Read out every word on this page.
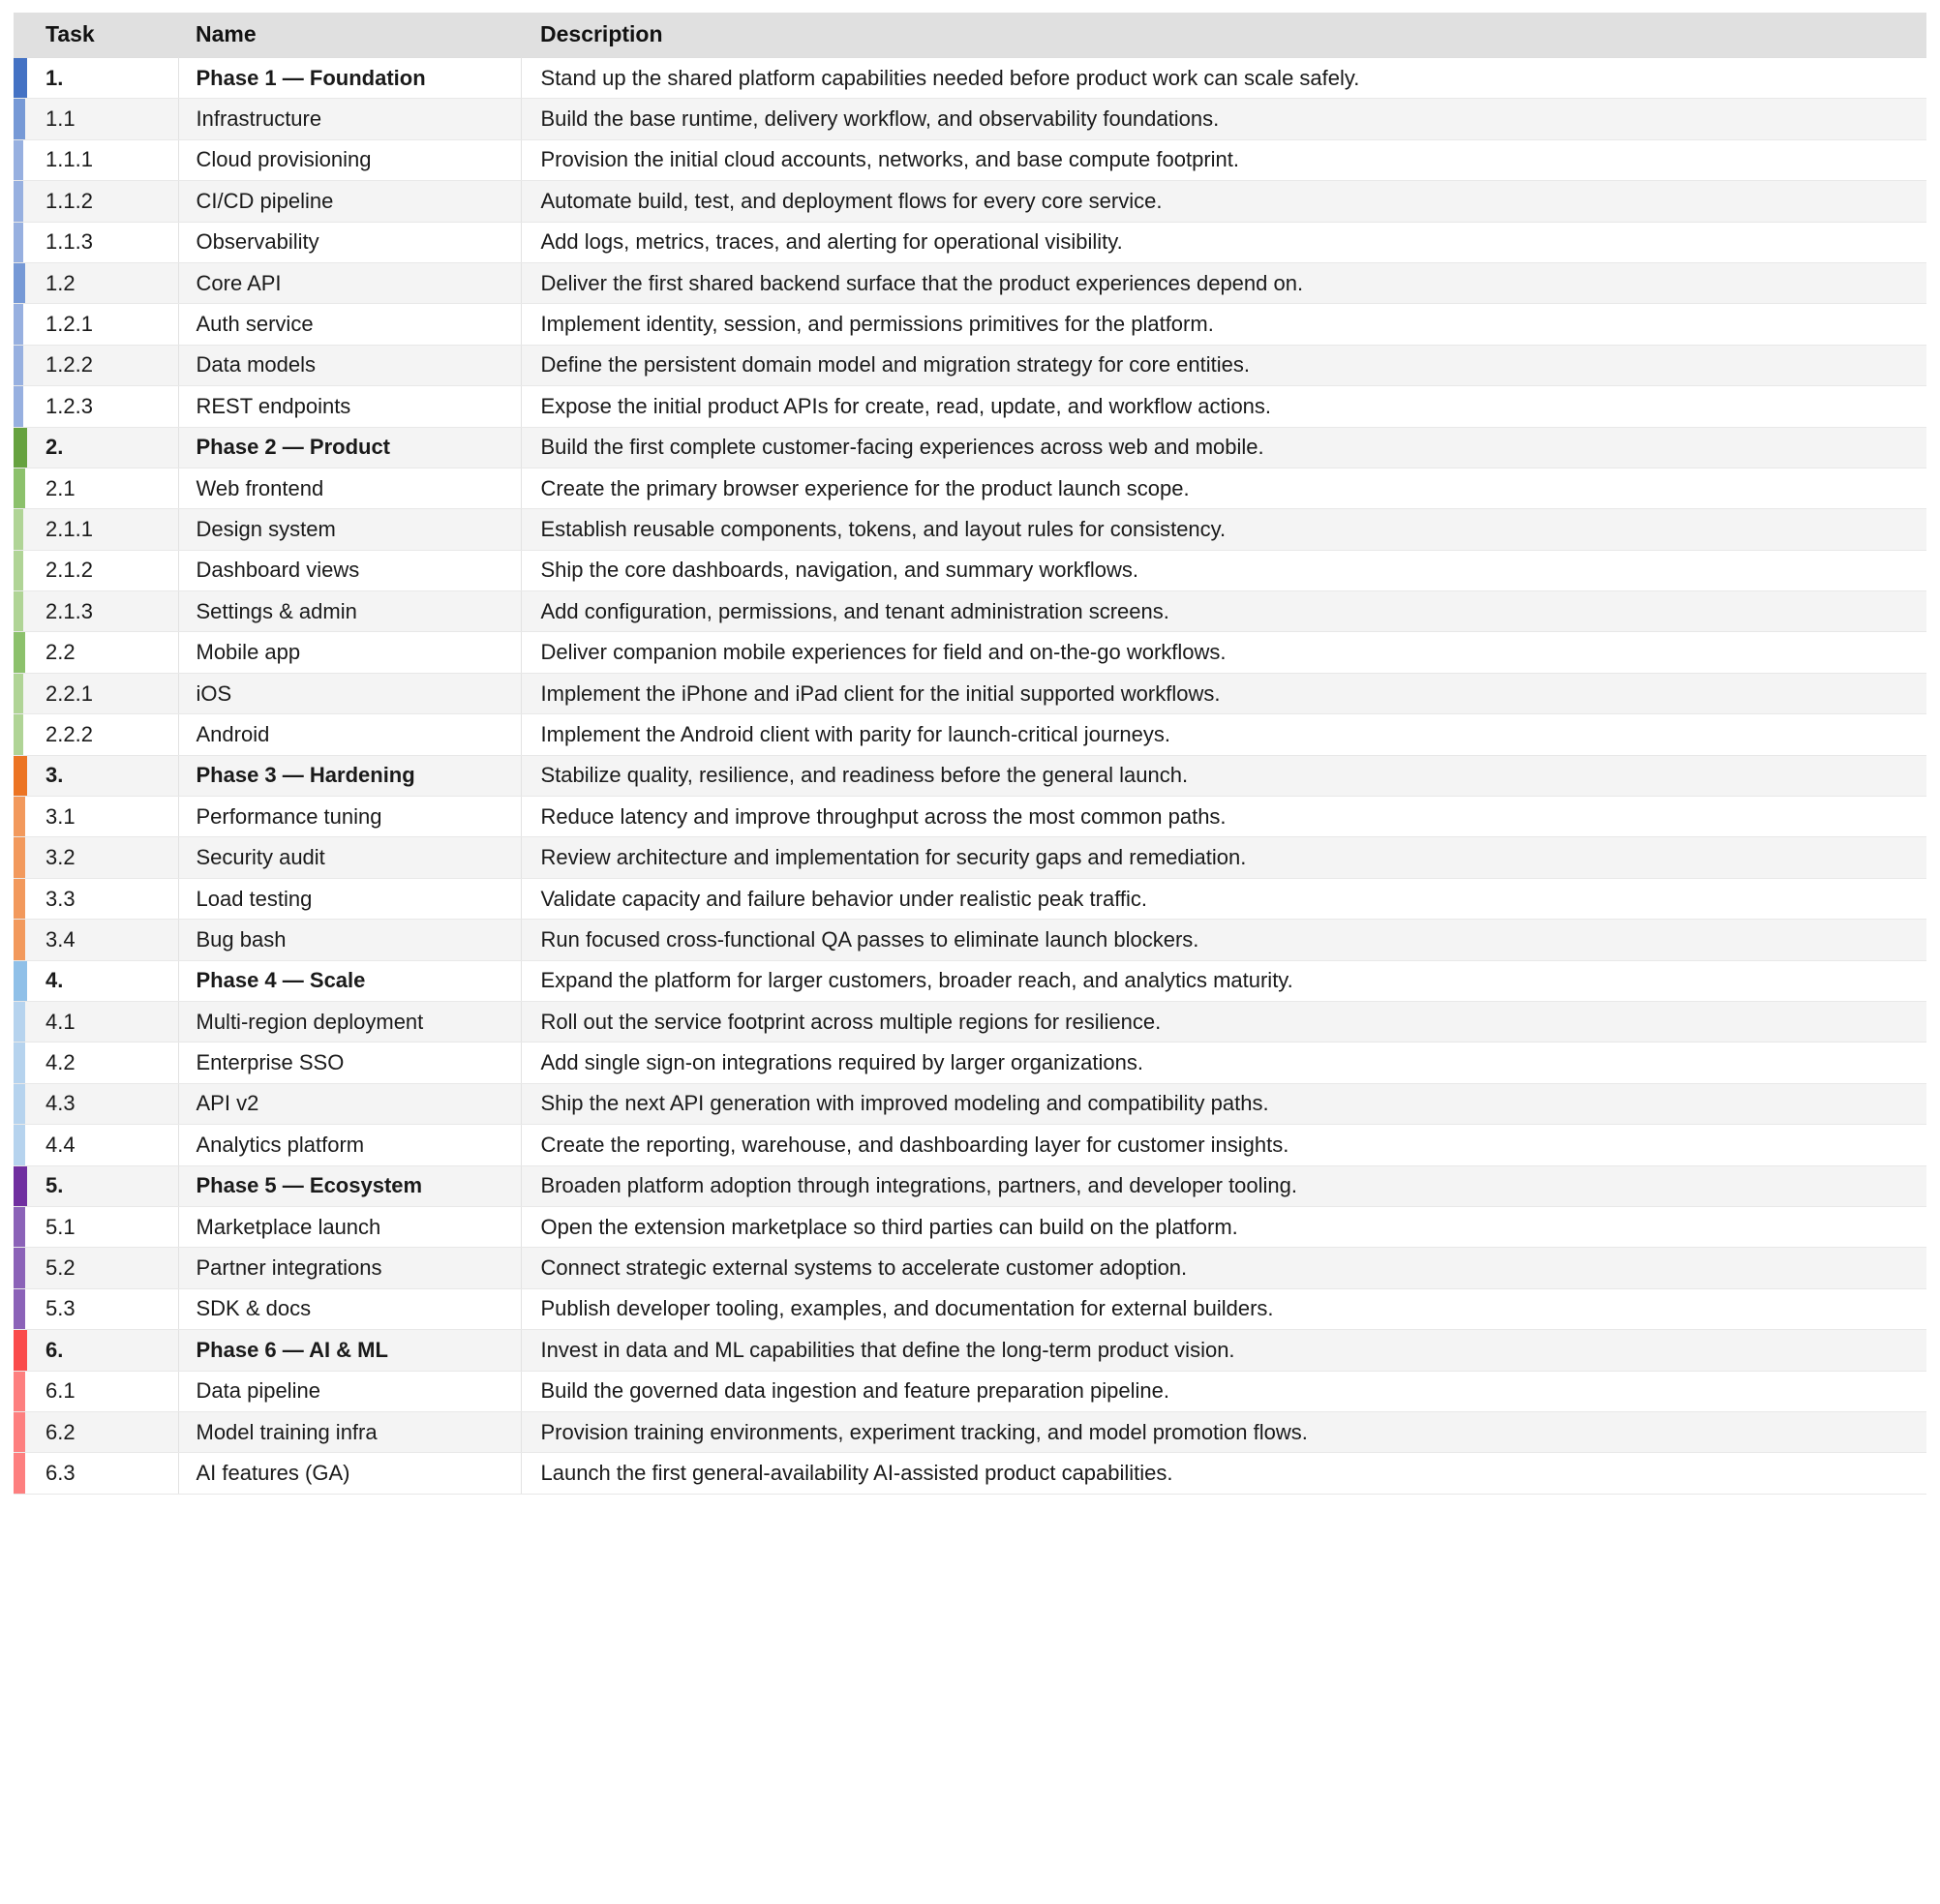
Task	Name	Description

1.	Phase 1 — Foundation	Stand up the shared platform capabilities needed before product work can scale safely.

1.1	Infrastructure	Build the base runtime, delivery workflow, and observability foundations.

1.1.1	Cloud provisioning	Provision the initial cloud accounts, networks, and base compute footprint.

1.1.2	CI/CD pipeline	Automate build, test, and deployment flows for every core service.

1.1.3	Observability	Add logs, metrics, traces, and alerting for operational visibility.

1.2	Core API	Deliver the first shared backend surface that the product experiences depend on.

1.2.1	Auth service	Implement identity, session, and permissions primitives for the platform.

1.2.2	Data models	Define the persistent domain model and migration strategy for core entities.

1.2.3	REST endpoints	Expose the initial product APIs for create, read, update, and workflow actions.

2.	Phase 2 — Product	Build the first complete customer-facing experiences across web and mobile.

2.1	Web frontend	Create the primary browser experience for the product launch scope.

2.1.1	Design system	Establish reusable components, tokens, and layout rules for consistency.

2.1.2	Dashboard views	Ship the core dashboards, navigation, and summary workflows.

2.1.3	Settings & admin	Add configuration, permissions, and tenant administration screens.

2.2	Mobile app	Deliver companion mobile experiences for field and on-the-go workflows.

2.2.1	iOS	Implement the iPhone and iPad client for the initial supported workflows.

2.2.2	Android	Implement the Android client with parity for launch-critical journeys.

3.	Phase 3 — Hardening	Stabilize quality, resilience, and readiness before the general launch.

3.1	Performance tuning	Reduce latency and improve throughput across the most common paths.

3.2	Security audit	Review architecture and implementation for security gaps and remediation.

3.3	Load testing	Validate capacity and failure behavior under realistic peak traffic.

3.4	Bug bash	Run focused cross-functional QA passes to eliminate launch blockers.

4.	Phase 4 — Scale	Expand the platform for larger customers, broader reach, and analytics maturity.

4.1	Multi-region deployment	Roll out the service footprint across multiple regions for resilience.

4.2	Enterprise SSO	Add single sign-on integrations required by larger organizations.

4.3	API v2	Ship the next API generation with improved modeling and compatibility paths.

4.4	Analytics platform	Create the reporting, warehouse, and dashboarding layer for customer insights.

5.	Phase 5 — Ecosystem	Broaden platform adoption through integrations, partners, and developer tooling.

5.1	Marketplace launch	Open the extension marketplace so third parties can build on the platform.

5.2	Partner integrations	Connect strategic external systems to accelerate customer adoption.

5.3	SDK & docs	Publish developer tooling, examples, and documentation for external builders.

6.	Phase 6 — AI & ML	Invest in data and ML capabilities that define the long-term product vision.

6.1	Data pipeline	Build the governed data ingestion and feature preparation pipeline.

6.2	Model training infra	Provision training environments, experiment tracking, and model promotion flows.

6.3	AI features (GA)	Launch the first general-availability AI-assisted product capabilities.
